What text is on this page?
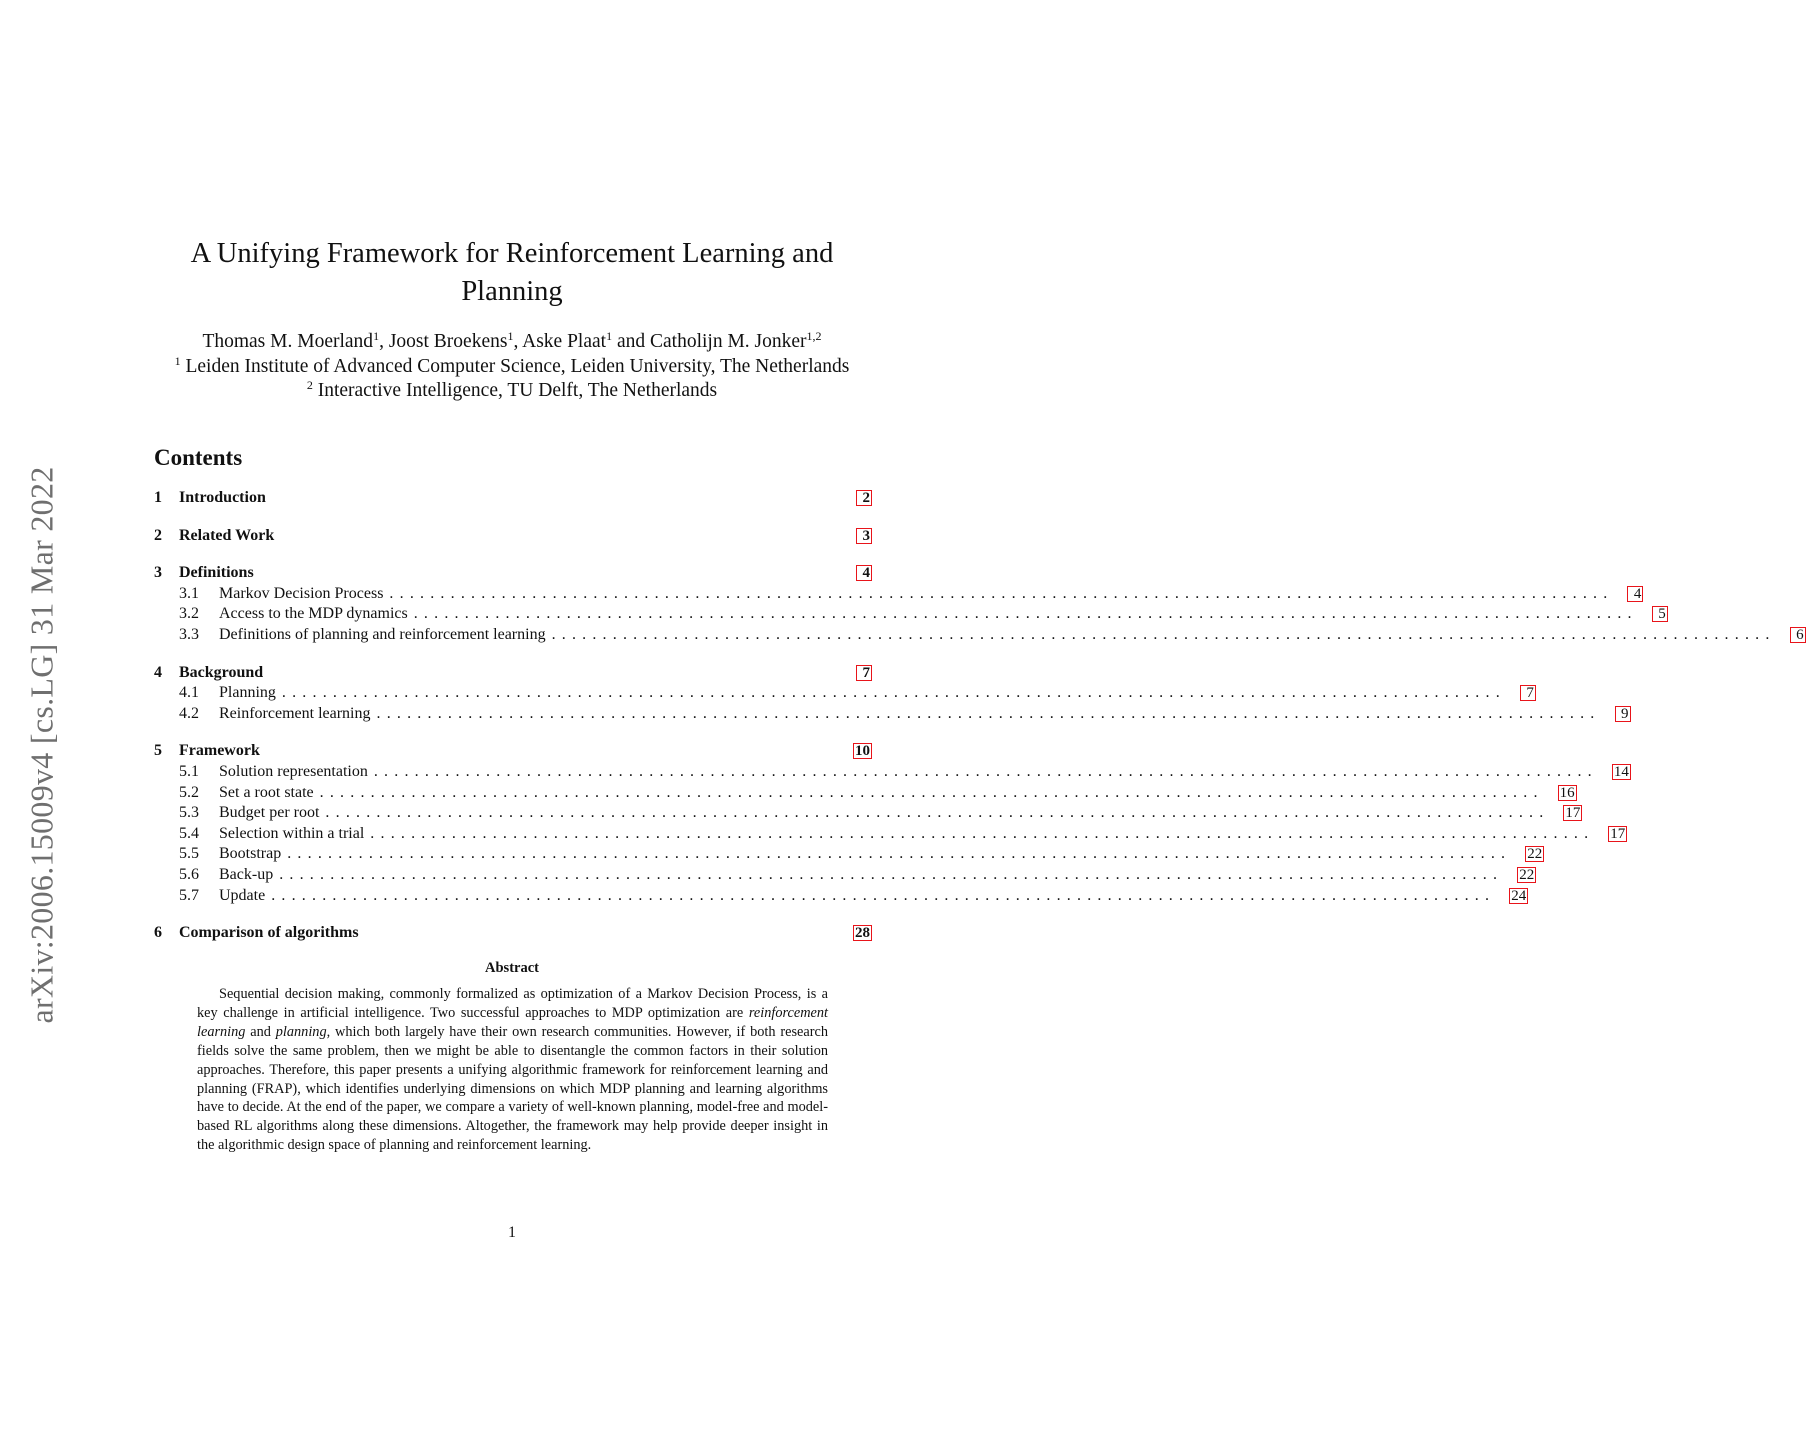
arXiv:2006.15009v4 [cs.LG] 31 Mar 2022
A Unifying Framework for Reinforcement Learning and
Planning
Thomas M. Moerland$^1$, Joost Broekens$^1$, Aske Plaat$^1$ and Catholijn M. Jonker$^{1,2}$
$^1$ Leiden Institute of Advanced Computer Science, Leiden University, The Netherlands
$^2$ Interactive Intelligence, TU Delft, The Netherlands
Contents
1	Introduction	2
2	Related Work	3
3	Definitions	4
3.1	Markov Decision Process ........................................................................................................................	4
3.2	Access to the MDP dynamics ........................................................................................................................	5
3.3	Definitions of planning and reinforcement learning ........................................................................................................................	6
4	Background	7
4.1	Planning ........................................................................................................................	7
4.2	Reinforcement learning ........................................................................................................................	9
5	Framework	10
5.1	Solution representation ........................................................................................................................ 14
5.2	Set a root state ........................................................................................................................ 16
5.3	Budget per root ........................................................................................................................ 17
5.4	Selection within a trial ........................................................................................................................ 17
5.5	Bootstrap ........................................................................................................................ 22
5.6	Back-up ........................................................................................................................ 22
5.7	Update ........................................................................................................................ 24
6	Comparison of algorithms	28
Abstract

Sequential decision making, commonly formalized as optimization of a Markov Decision Process, is a key challenge in artificial intelligence. Two successful approaches to MDP optimization are reinforcement learning and planning, which both largely have their own research communities. However, if both research fields solve the same problem, then we might be able to disentangle the common factors in their solution approaches. Therefore, this paper presents a unifying algorithmic framework for reinforcement learning and planning (FRAP), which identifies underlying dimensions on which MDP planning and learning algorithms have to decide. At the end of the paper, we compare a variety of well-known planning, model-free and model-based RL algorithms along these dimensions. Altogether, the framework may help provide deeper insight in the algorithmic design space of planning and reinforcement learning.

1
